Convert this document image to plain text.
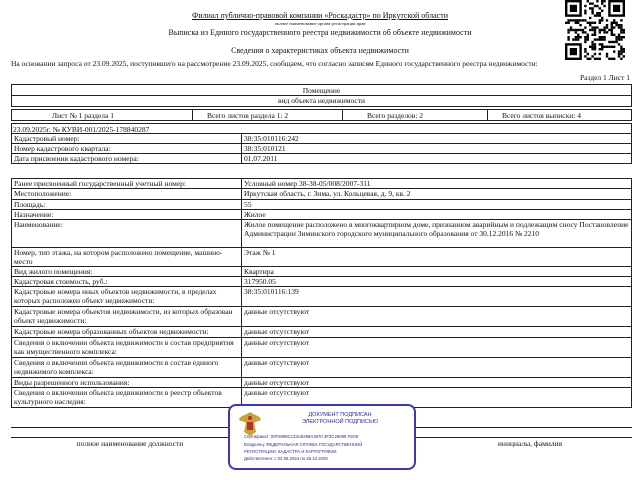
Филиал публично-правовой компании «Роскадастр» по Иркутской области
полное наименование органа регистрации прав
Выписка из Единого государственного реестра недвижимости об объекте недвижимости
Сведения о характеристиках объекта недвижимости
На основании запроса от 23.09.2025, поступившего на рассмотрение 23.09.2025, сообщаем, что согласно записям Единого государственного реестра недвижимости:
Раздел 1 Лист 1
Помещение
вид объекта недвижимости
Лист № 1 раздела 1	Всего листов раздела 1: 2	Всего разделов: 2	Всего листов выписки: 4
23.09.2025г. № КУВИ-001/2025-178840287
Кадастровый номер:	38:35:010116:242
Номер кадастрового квартала:	38:35:010121
Дата присвоения кадастрового номера:	01.07.2011
Ранее присвоенный государственный учетный номер:	Условный номер 38-38-05/008/2007-311
Местоположение:	Иркутская область, г. Зима, ул. Кольцевая, д. 9, кв. 2
Площадь:	55
Назначение:	Жилое
Наименование:	Жилое помещение расположено в многоквартирном доме, признанном аварийным и подлежащим сносу Постановление Администрации Зиминского городского муниципального образования от 30.12.2016 № 2210
Номер, тип этажа, на котором расположено помещение, машино-место	Этаж № 1
Вид жилого помещения:	Квартира
Кадастровая стоимость, руб.:	317950.05
Кадастровые номера иных объектов недвижимости, в пределах которых расположен объект недвижимости:	38:35:010116:139
Кадастровые номера объектов недвижимости, из которых образован объект недвижимости:	данные отсутствуют
Кадастровые номера образованных объектов недвижимости:	данные отсутствуют
Сведения о включении объекта недвижимости в состав предприятия как имущественного комплекса:	данные отсутствуют
Сведения о включении объекта недвижимости в состав единого недвижимого комплекса:	данные отсутствуют
Виды разрешенного использования:	данные отсутствуют
Сведения о включении объекта недвижимости в реестр объектов культурного наследия:	данные отсутствуют
полное наименование должности	инициалы, фамилия
ДОКУМЕНТ ПОДПИСАН
ЭЛЕКТРОННОЙ ПОДПИСЬЮ
Сертификат: 00F6998C133A8298A3970 3F3C29088 F8O8
Владелец: ФЕДЕРАЛЬНАЯ СЛУЖБА ГОСУДАРСТВЕННОЙ
РЕГИСТРАЦИИ, КАДАСТРА И КАРТОГРАФИИ
Действителен: с 02.08.2024 по 26.10.2025
